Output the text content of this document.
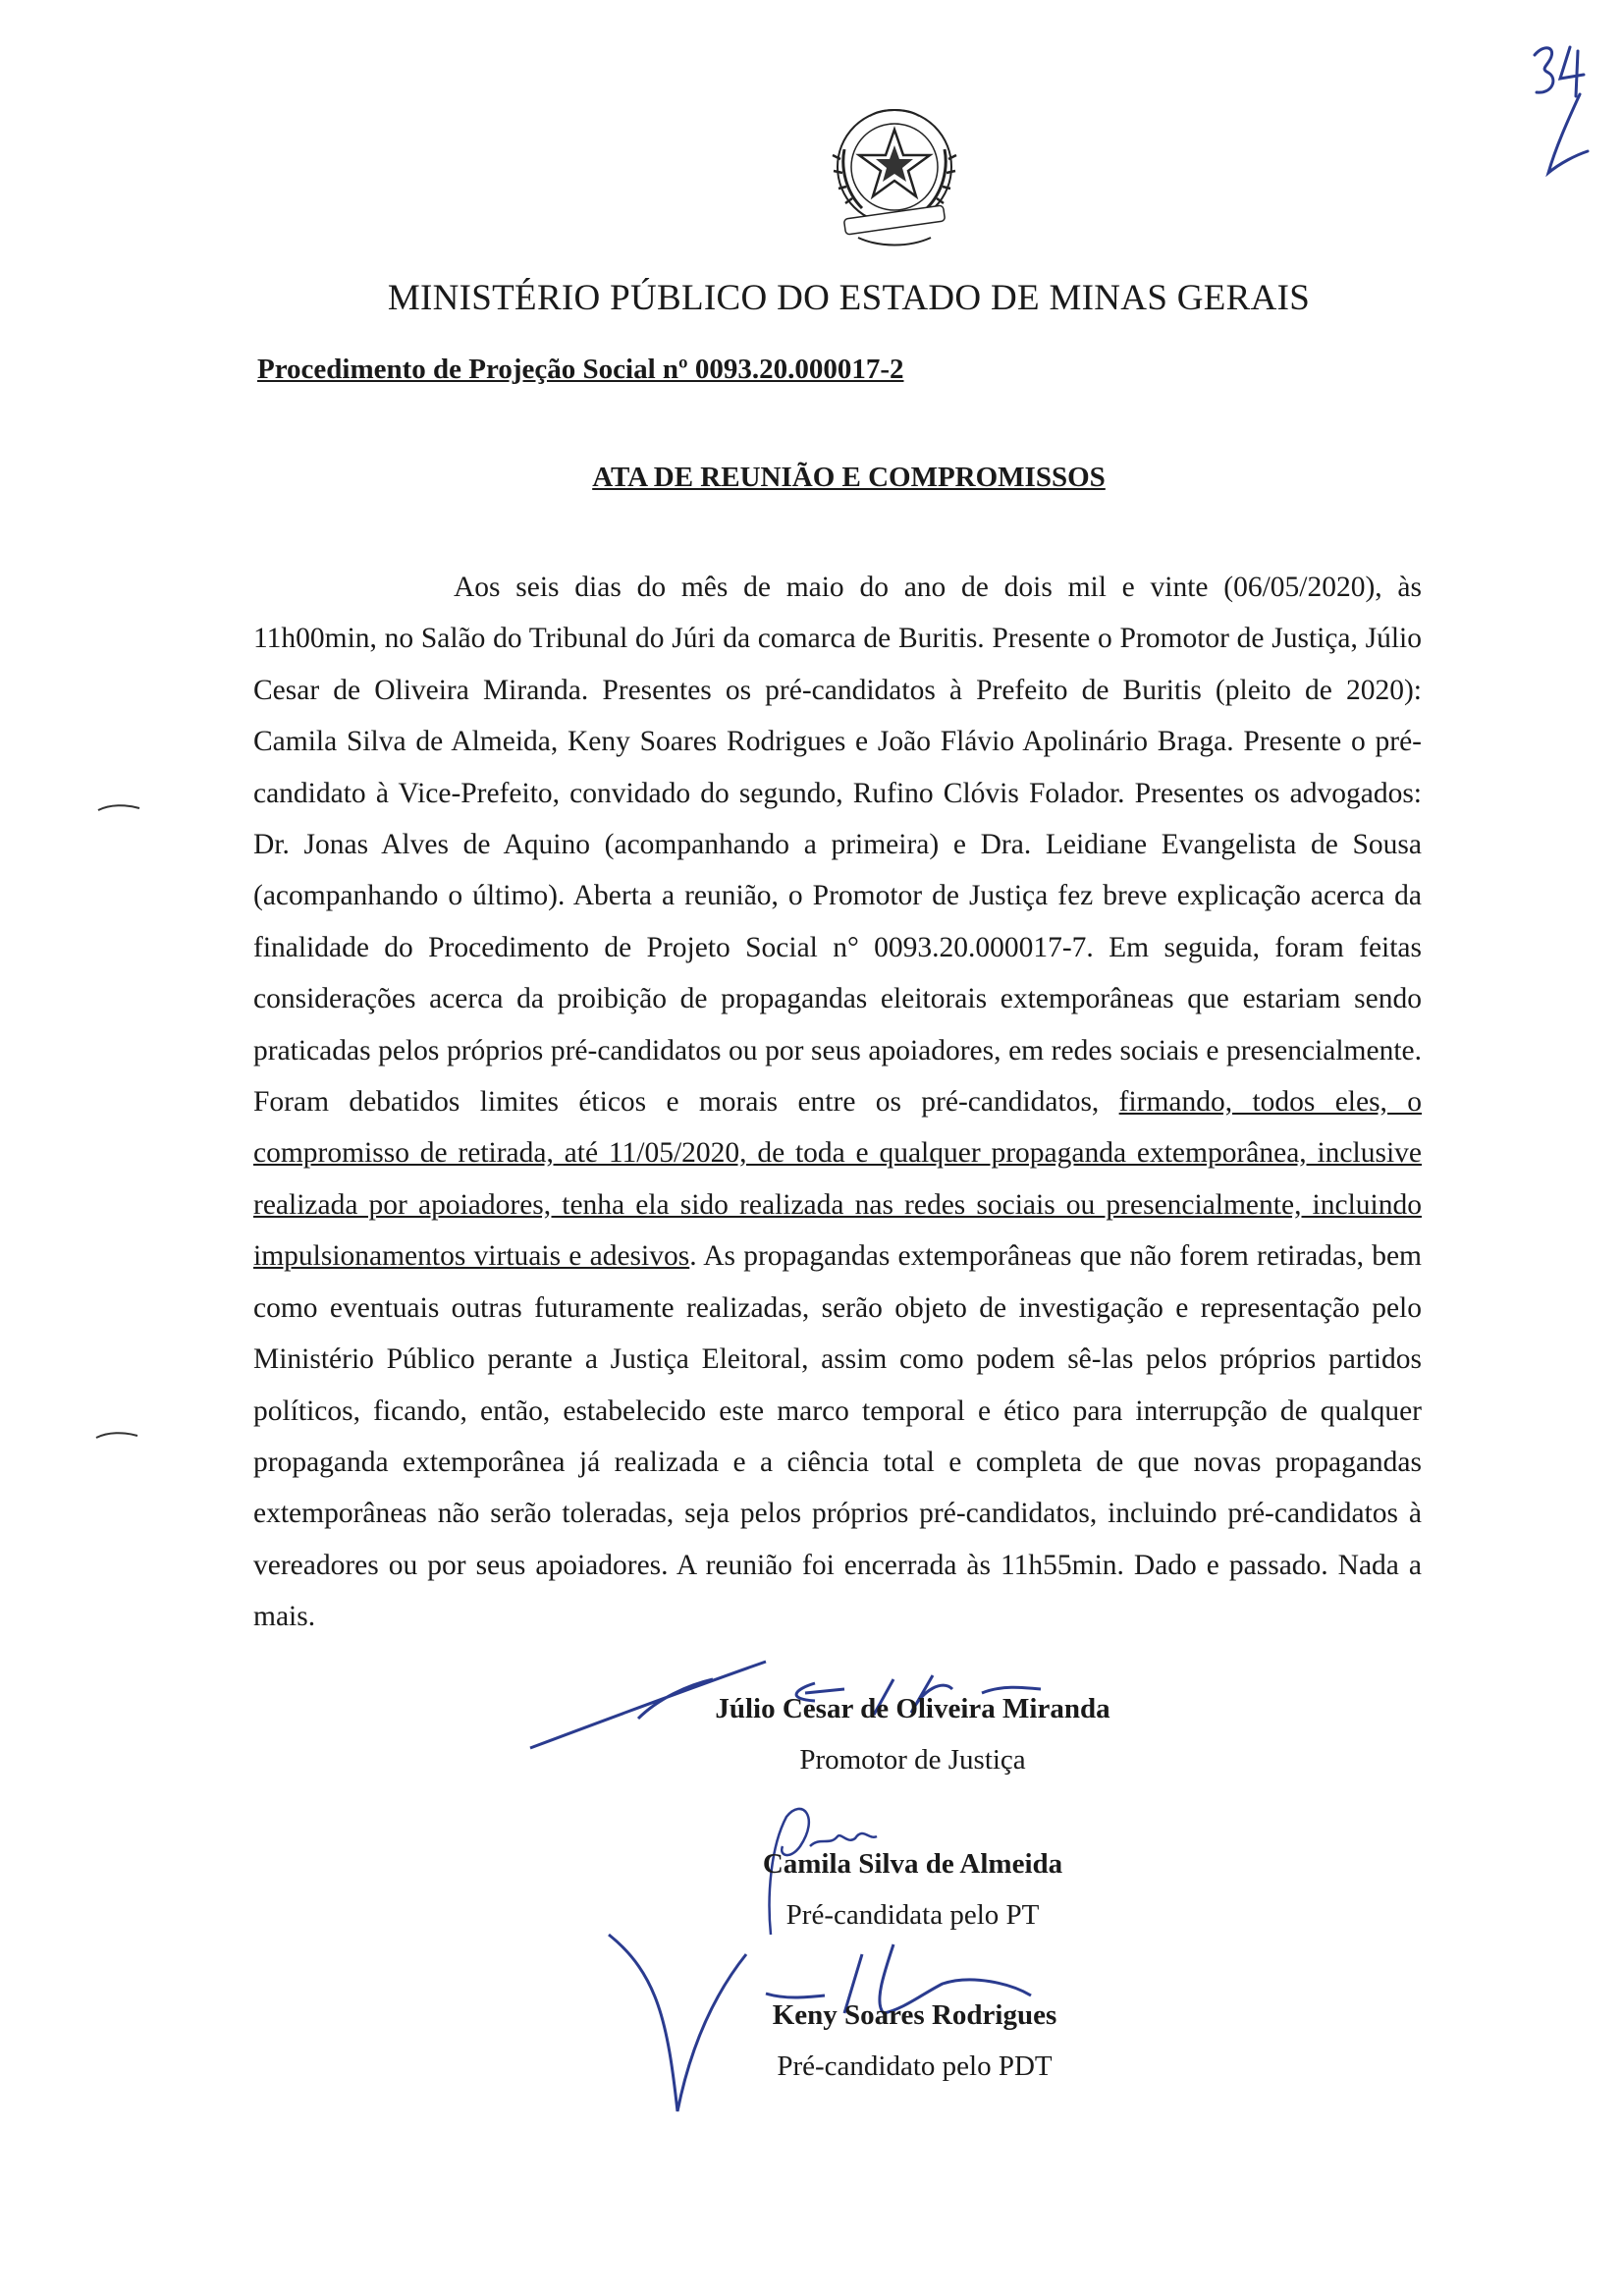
MINISTÉRIO PÚBLICO DO ESTADO DE MINAS GERAIS
Procedimento de Projeção Social nº 0093.20.000017-2
ATA DE REUNIÃO E COMPROMISSOS

Aos seis dias do mês de maio do ano de dois mil e vinte (06/05/2020), às 11h00min, no Salão do Tribunal do Júri da comarca de Buritis. Presente o Promotor de Justiça, Júlio Cesar de Oliveira Miranda. Presentes os pré-candidatos à Prefeito de Buritis (pleito de 2020): Camila Silva de Almeida, Keny Soares Rodrigues e João Flávio Apolinário Braga. Presente o pré-candidato à Vice-Prefeito, convidado do segundo, Rufino Clóvis Folador. Presentes os advogados: Dr. Jonas Alves de Aquino (acompanhando a primeira) e Dra. Leidiane Evangelista de Sousa (acompanhando o último). Aberta a reunião, o Promotor de Justiça fez breve explicação acerca da finalidade do Procedimento de Projeto Social n° 0093.20.000017-7. Em seguida, foram feitas considerações acerca da proibição de propagandas eleitorais extemporâneas que estariam sendo praticadas pelos próprios pré-candidatos ou por seus apoiadores, em redes sociais e presencialmente. Foram debatidos limites éticos e morais entre os pré-candidatos, firmando, todos eles, o compromisso de retirada, até 11/05/2020, de toda e qualquer propaganda extemporânea, inclusive realizada por apoiadores, tenha ela sido realizada nas redes sociais ou presencialmente, incluindo impulsionamentos virtuais e adesivos. As propagandas extemporâneas que não forem retiradas, bem como eventuais outras futuramente realizadas, serão objeto de investigação e representação pelo Ministério Público perante a Justiça Eleitoral, assim como podem sê-las pelos próprios partidos políticos, ficando, então, estabelecido este marco temporal e ético para interrupção de qualquer propaganda extemporânea já realizada e a ciência total e completa de que novas propagandas extemporâneas não serão toleradas, seja pelos próprios pré-candidatos, incluindo pré-candidatos à vereadores ou por seus apoiadores. A reunião foi encerrada às 11h55min. Dado e passado. Nada a mais.

Júlio Cesar de Oliveira Miranda
Promotor de Justiça
Camila Silva de Almeida
Pré-candidata pelo PT
Keny Soares Rodrigues
Pré-candidato pelo PDT
